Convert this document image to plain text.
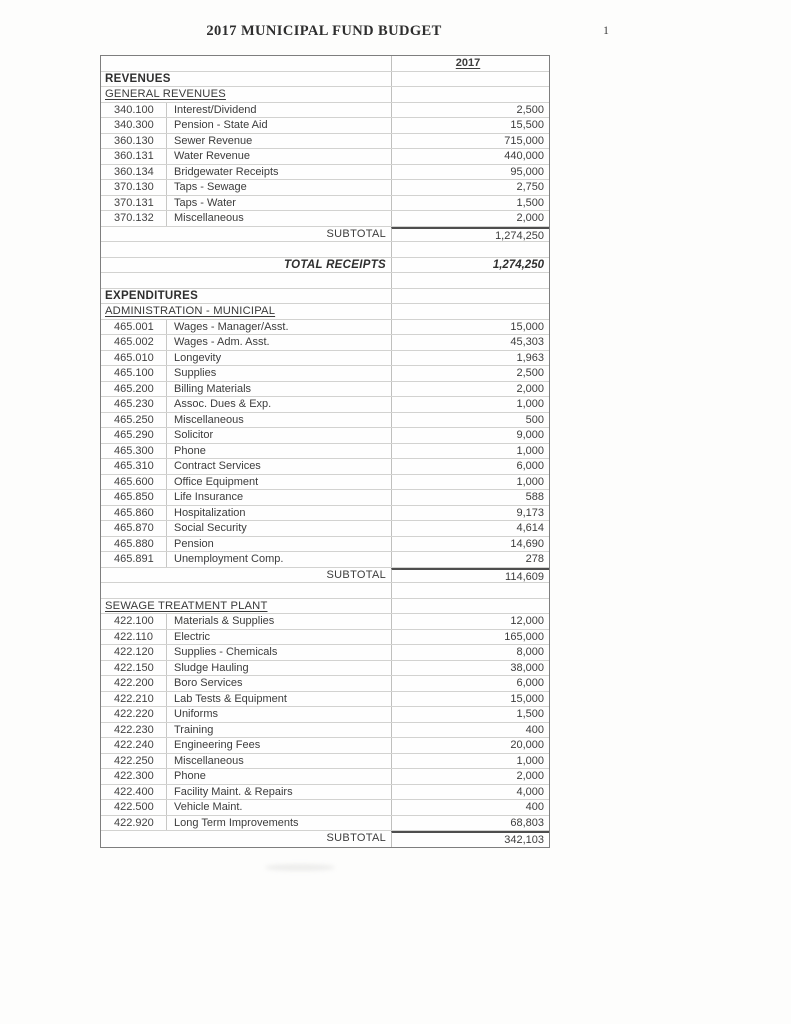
2017 MUNICIPAL FUND BUDGET	1
2017
REVENUES
GENERAL REVENUES
340.100	Interest/Dividend	2,500
340.300	Pension - State Aid	15,500
360.130	Sewer Revenue	715,000
360.131	Water Revenue	440,000
360.134	Bridgewater Receipts	95,000
370.130	Taps - Sewage	2,750
370.131	Taps - Water	1,500
370.132	Miscellaneous	2,000
SUBTOTAL	1,274,250
TOTAL RECEIPTS	1,274,250
EXPENDITURES
ADMINISTRATION - MUNICIPAL
465.001	Wages - Manager/Asst.	15,000
465.002	Wages - Adm. Asst.	45,303
465.010	Longevity	1,963
465.100	Supplies	2,500
465.200	Billing Materials	2,000
465.230	Assoc. Dues & Exp.	1,000
465.250	Miscellaneous	500
465.290	Solicitor	9,000
465.300	Phone	1,000
465.310	Contract Services	6,000
465.600	Office Equipment	1,000
465.850	Life Insurance	588
465.860	Hospitalization	9,173
465.870	Social Security	4,614
465.880	Pension	14,690
465.891	Unemployment Comp.	278
SUBTOTAL	114,609
SEWAGE TREATMENT PLANT
422.100	Materials & Supplies	12,000
422.110	Electric	165,000
422.120	Supplies - Chemicals	8,000
422.150	Sludge Hauling	38,000
422.200	Boro Services	6,000
422.210	Lab Tests & Equipment	15,000
422.220	Uniforms	1,500
422.230	Training	400
422.240	Engineering Fees	20,000
422.250	Miscellaneous	1,000
422.300	Phone	2,000
422.400	Facility Maint. & Repairs	4,000
422.500	Vehicle Maint.	400
422.920	Long Term Improvements	68,803
SUBTOTAL	342,103
